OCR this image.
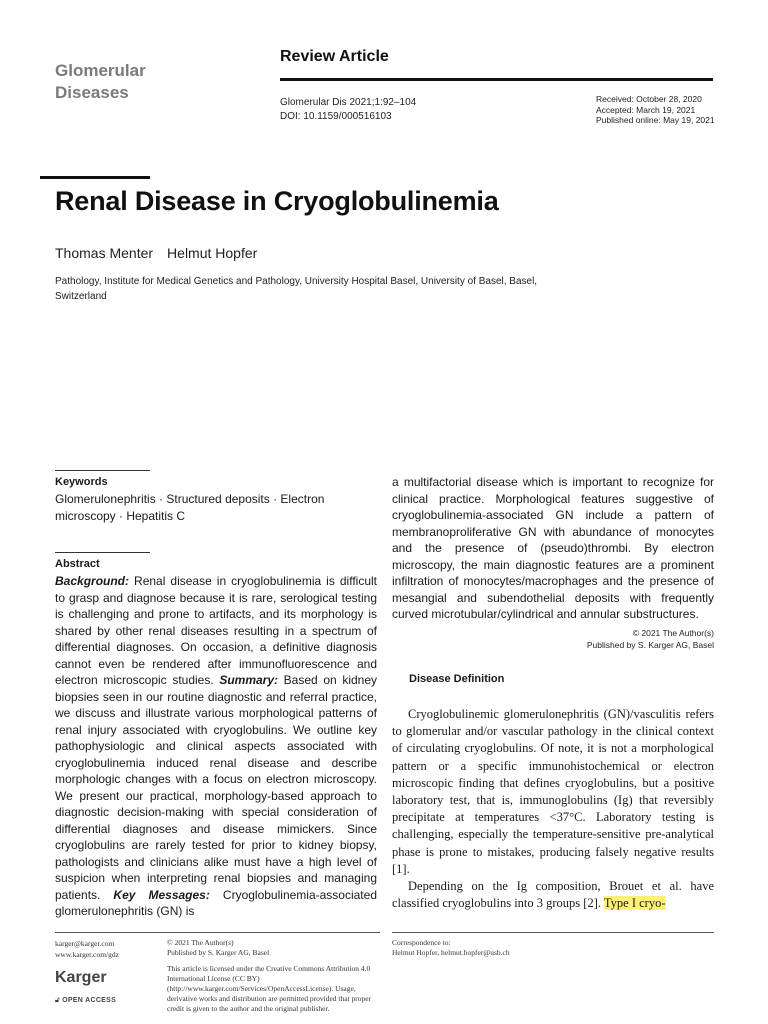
Glomerular
Diseases
Review Article
Glomerular Dis 2021;1:92–104
DOI: 10.1159/000516103
Received: October 28, 2020
Accepted: March 19, 2021
Published online: May 19, 2021
Renal Disease in Cryoglobulinemia
Thomas Menter Helmut Hopfer
Pathology, Institute for Medical Genetics and Pathology, University Hospital Basel, University of Basel, Basel, Switzerland
Keywords
Glomerulonephritis · Structured deposits · Electron microscopy · Hepatitis C
Abstract
Background: Renal disease in cryoglobulinemia is difficult to grasp and diagnose because it is rare, serological testing is challenging and prone to artifacts, and its morphology is shared by other renal diseases resulting in a spectrum of differential diagnoses. On occasion, a definitive diagnosis cannot even be rendered after immunofluorescence and electron microscopic studies. Summary: Based on kidney biopsies seen in our routine diagnostic and referral practice, we discuss and illustrate various morphological patterns of renal injury associated with cryoglobulins. We outline key pathophysiologic and clinical aspects associated with cryoglobulinemia induced renal disease and describe morphologic changes with a focus on electron microscopy. We present our practical, morphology-based approach to diagnostic decision-making with special consideration of differential diagnoses and disease mimickers. Since cryoglobulins are rarely tested for prior to kidney biopsy, pathologists and clinicians alike must have a high level of suspicion when interpreting renal biopsies and managing patients. Key Messages: Cryoglobulinemia-associated glomerulonephritis (GN) is
a multifactorial disease which is important to recognize for clinical practice. Morphological features suggestive of cryoglobulinemia-associated GN include a pattern of membranoproliferative GN with abundance of monocytes and the presence of (pseudo)thrombi. By electron microscopy, the main diagnostic features are a prominent infiltration of monocytes/macrophages and the presence of mesangial and subendothelial deposits with frequently curved microtubular/cylindrical and annular substructures.
© 2021 The Author(s)
Published by S. Karger AG, Basel
Disease Definition

Cryoglobulinemic glomerulonephritis (GN)/vasculitis refers to glomerular and/or vascular pathology in the clinical context of circulating cryoglobulins. Of note, it is not a morphological pattern or a specific immunohistochemical or electron microscopic finding that defines cryoglobulins, but a positive laboratory test, that is, immunoglobulins (Ig) that reversibly precipitate at temperatures <37°C. Laboratory testing is challenging, especially the temperature-sensitive pre-analytical phase is prone to mistakes, producing falsely negative results [1].

Depending on the Ig composition, Brouet et al. have classified cryoglobulins into 3 groups [2]. Type I cryo-

karger@karger.com
www.karger.com/gdz
© 2021 The Author(s)
Published by S. Karger AG, Basel
This article is licensed under the Creative Commons Attribution 4.0 International License (CC BY) (http://www.karger.com/Services/OpenAccessLicense). Usage, derivative works and distribution are permitted provided that proper credit is given to the author and the original publisher.
Correspondence to:
Helmut Hopfer, helmut.hopfer@usb.ch
Karger
🔓︎ OPEN ACCESS
